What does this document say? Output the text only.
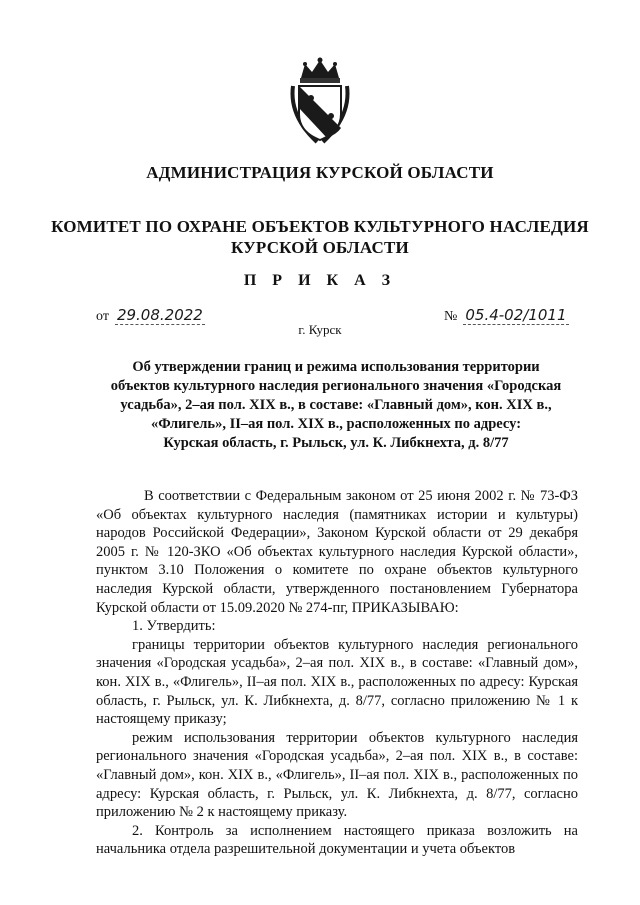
АДМИНИСТРАЦИЯ КУРСКОЙ ОБЛАСТИ
КОМИТЕТ ПО ОХРАНЕ ОБЪЕКТОВ КУЛЬТУРНОГО НАСЛЕДИЯ
КУРСКОЙ ОБЛАСТИ
П Р И К А З
от 29.08.2022	№ 05.4-02/1011
г. Курск
Об утверждении границ и режима использования территории
объектов культурного наследия регионального значения «Городская
усадьба», 2–ая пол. XIX в., в составе: «Главный дом», кон. XIX в.,
«Флигель», II–ая пол. XIX в., расположенных по адресу:
Курская область, г. Рыльск, ул. К. Либкнехта, д. 8/77

В соответствии с Федеральным законом от 25 июня 2002 г. № 73-ФЗ «Об объектах культурного наследия (памятниках истории и культуры) народов Российской Федерации», Законом Курской области от 29 декабря 2005 г. № 120-ЗКО «Об объектах культурного наследия Курской области», пунктом 3.10 Положения о комитете по охране объектов культурного наследия Курской области, утвержденного постановлением Губернатора Курской области от 15.09.2020 № 274-пг, ПРИКАЗЫВАЮ:

1. Утвердить:

границы территории объектов культурного наследия регионального значения «Городская усадьба», 2–ая пол. XIX в., в составе: «Главный дом», кон. XIX в., «Флигель», II–ая пол. XIX в., расположенных по адресу: Курская область, г. Рыльск, ул. К. Либкнехта, д. 8/77, согласно приложению № 1 к настоящему приказу;

режим использования территории объектов культурного наследия регионального значения «Городская усадьба», 2–ая пол. XIX в., в составе: «Главный дом», кон. XIX в., «Флигель», II–ая пол. XIX в., расположенных по адресу: Курская область, г. Рыльск, ул. К. Либкнехта, д. 8/77, согласно приложению № 2 к настоящему приказу.

2. Контроль за исполнением настоящего приказа возложить на начальника отдела разрешительной документации и учета объектов
